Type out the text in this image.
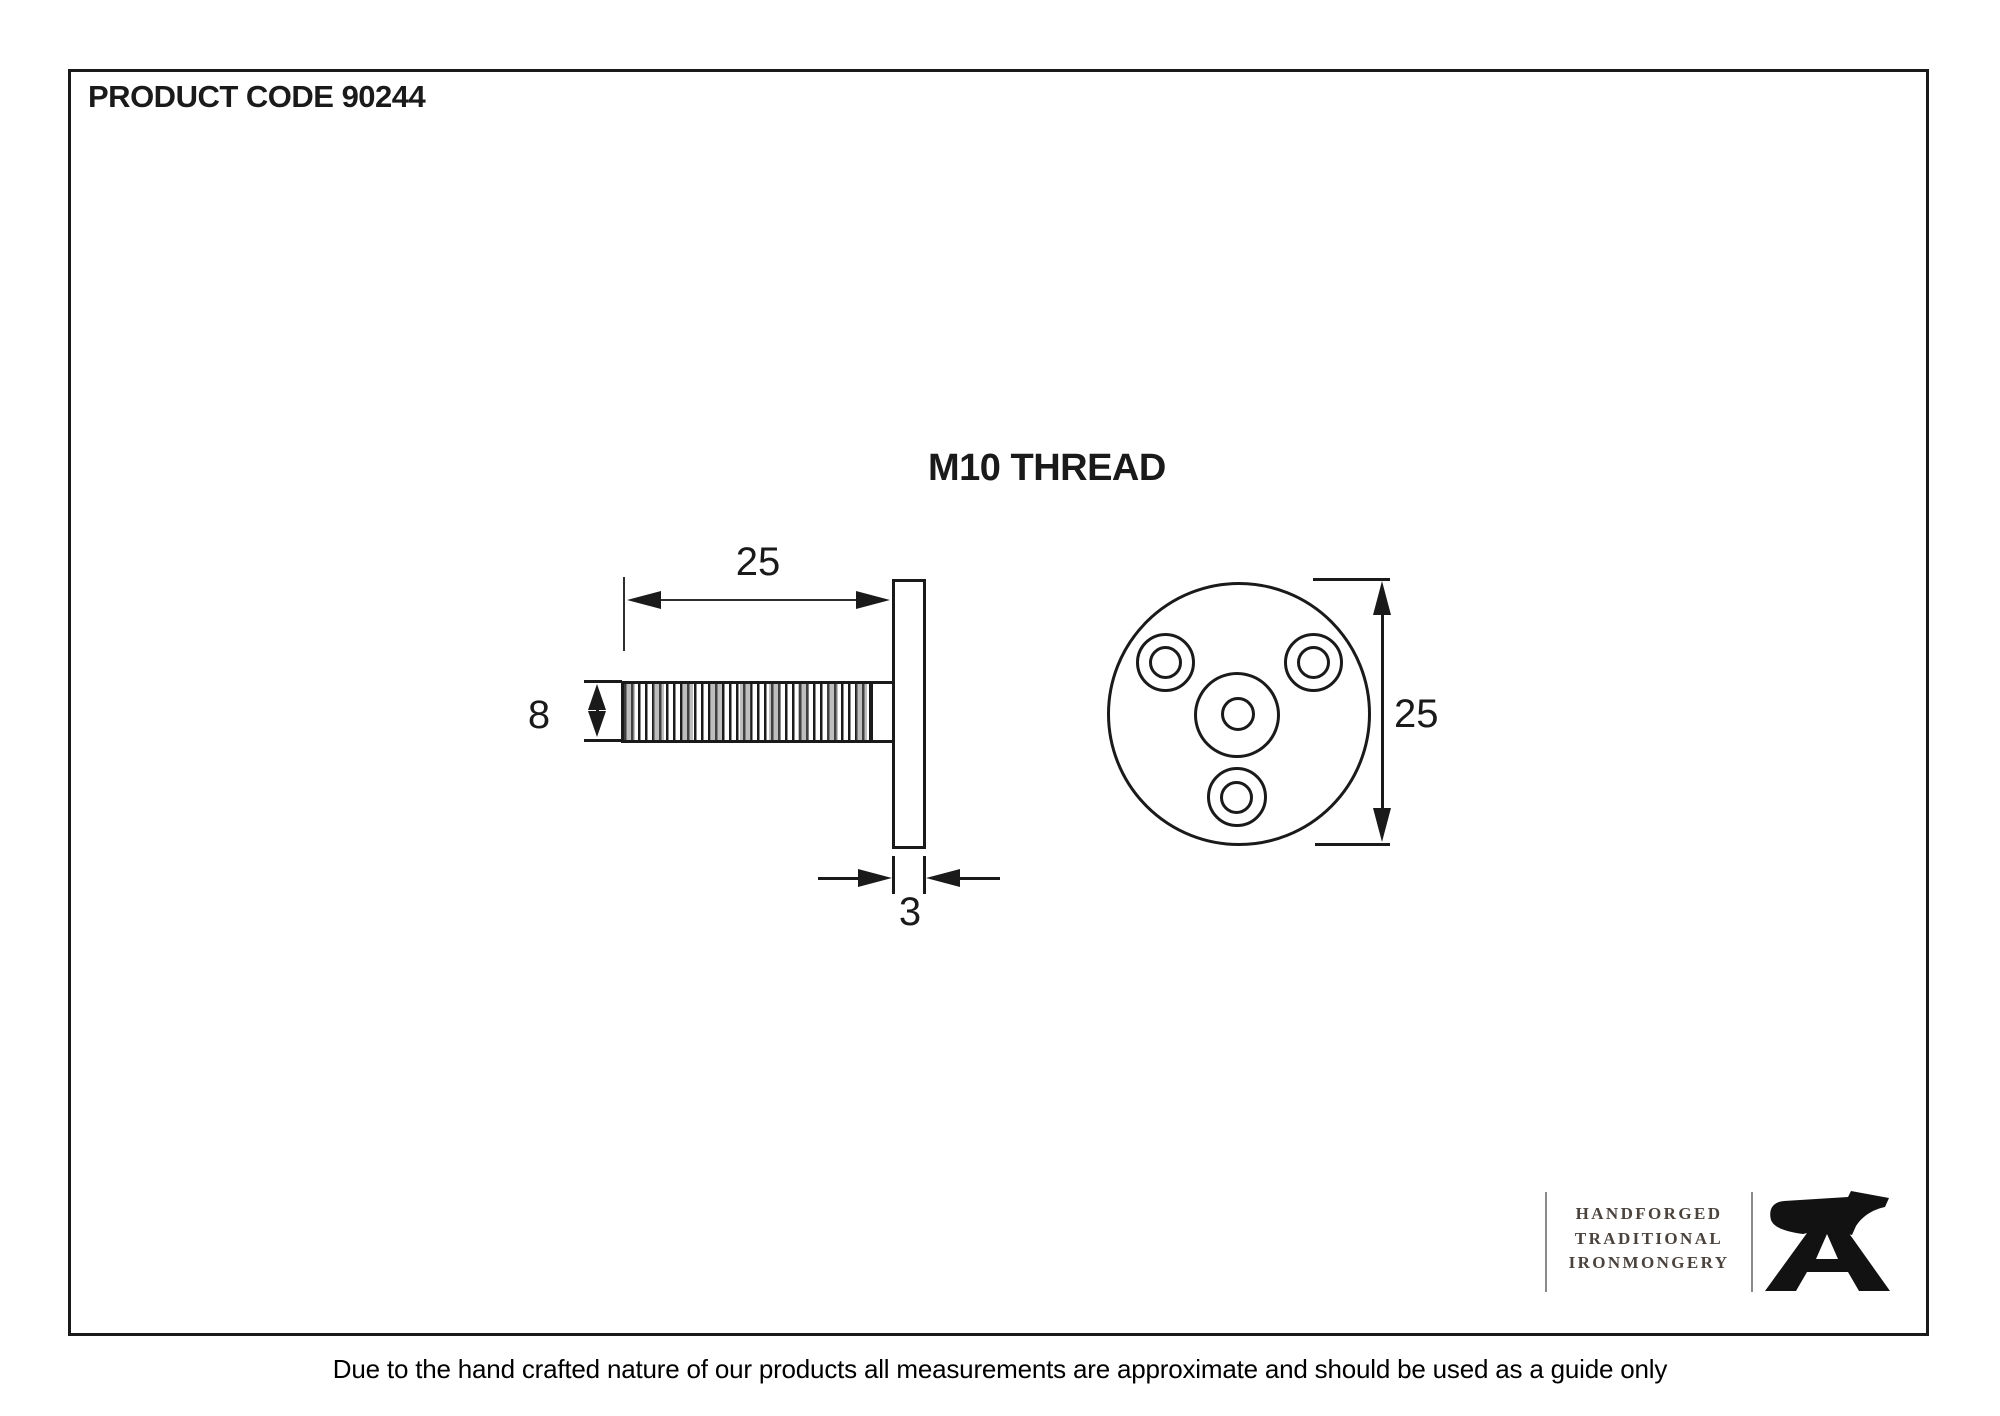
PRODUCT CODE 90244
M10 THREAD
25
8
3
25
HANDFORGED
TRADITIONAL
IRONMONGERY
Due to the hand crafted nature of our products all measurements are approximate and should be used as a guide only
